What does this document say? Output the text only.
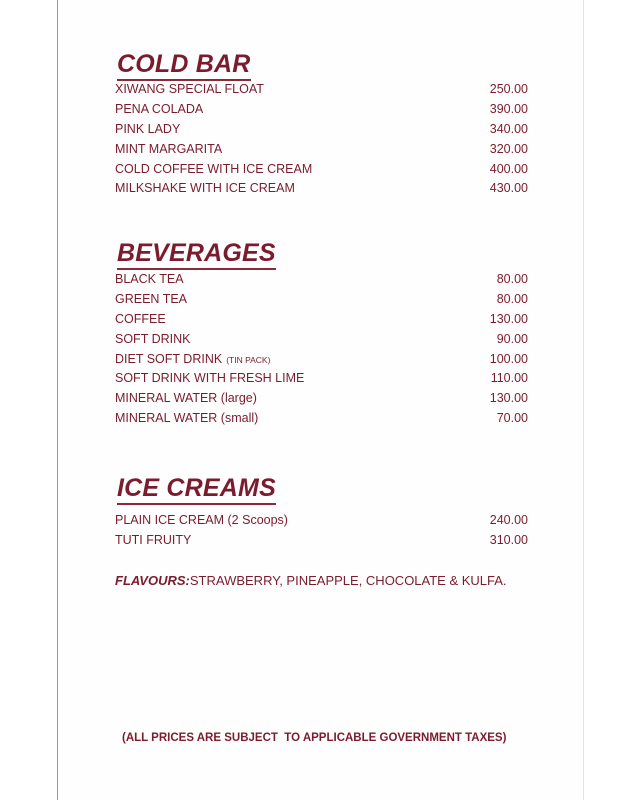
COLD BAR
XIWANG SPECIAL FLOAT	250.00
PENA COLADA	390.00
PINK LADY	340.00
MINT MARGARITA	320.00
COLD COFFEE WITH ICE CREAM	400.00
MILKSHAKE WITH ICE CREAM	430.00
BEVERAGES
BLACK TEA	80.00
GREEN TEA	80.00
COFFEE	130.00
SOFT DRINK	90.00
DIET SOFT DRINK (TIN PACK)	100.00
SOFT DRINK WITH FRESH LIME	110.00
MINERAL WATER (large)	130.00
MINERAL WATER (small)	70.00
ICE CREAMS
PLAIN ICE CREAM (2 Scoops)	240.00
TUTI FRUITY	310.00
FLAVOURS:STRAWBERRY, PINEAPPLE, CHOCOLATE & KULFA.
(ALL PRICES ARE SUBJECT  TO APPLICABLE GOVERNMENT TAXES)
